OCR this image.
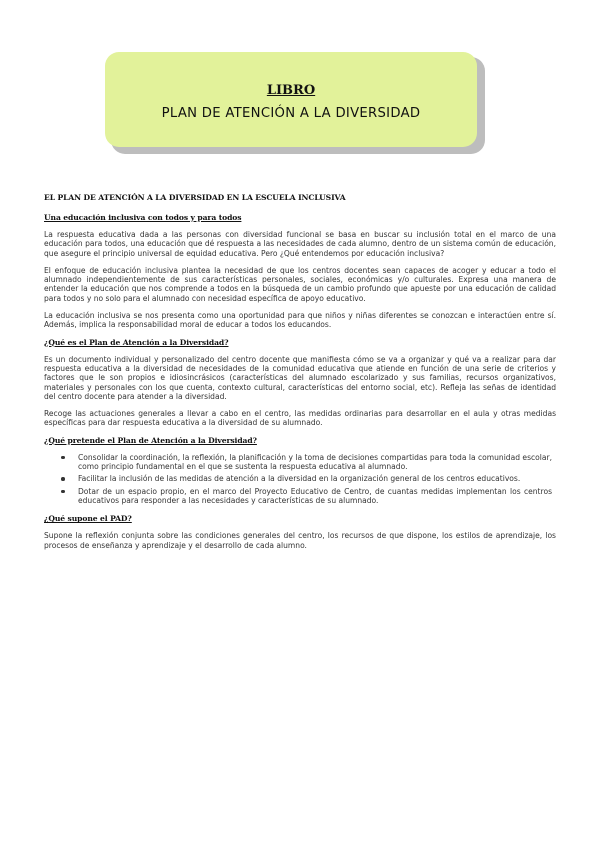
LIBRO
PLAN DE ATENCIÓN A LA DIVERSIDAD
EL PLAN DE ATENCIÓN A LA DIVERSIDAD EN LA ESCUELA INCLUSIVA
Una educación inclusiva con todos y para todos

La respuesta educativa dada a las personas con diversidad funcional se basa en buscar su inclusión total en el marco de una educación para todos, una educación que dé respuesta a las necesidades de cada alumno, dentro de un sistema común de educación, que asegure el principio universal de equidad educativa. Pero ¿Qué entendemos por educación inclusiva?

El enfoque de educación inclusiva plantea la necesidad de que los centros docentes sean capaces de acoger y educar a todo el alumnado independientemente de sus características personales, sociales, económicas y/o culturales. Expresa una manera de entender la educación que nos comprende a todos en la búsqueda de un cambio profundo que apueste por una educación de calidad para todos y no solo para el alumnado con necesidad específica de apoyo educativo.

La educación inclusiva se nos presenta como una oportunidad para que niños y niñas diferentes se conozcan e interactúen entre sí. Además, implica la responsabilidad moral de educar a todos los educandos.

¿Qué es el Plan de Atención a la Diversidad?

Es un documento individual y personalizado del centro docente que manifiesta cómo se va a organizar y qué va a realizar para dar respuesta educativa a la diversidad de necesidades de la comunidad educativa que atiende en función de una serie de criterios y factores que le son propios e idiosincrásicos (características del alumnado escolarizado y sus familias, recursos organizativos, materiales y personales con los que cuenta, contexto cultural, características del entorno social, etc). Refleja las señas de identidad del centro docente para atender a la diversidad.

Recoge las actuaciones generales a llevar a cabo en el centro, las medidas ordinarias para desarrollar en el aula y otras medidas específicas para dar respuesta educativa a la diversidad de su alumnado.

¿Qué pretende el Plan de Atención a la Diversidad?
Consolidar la coordinación, la reflexión, la planificación y la toma de decisiones compartidas para toda la comunidad escolar, como principio fundamental en el que se sustenta la respuesta educativa al alumnado.
Facilitar la inclusión de las medidas de atención a la diversidad en la organización general de los centros educativos.
Dotar de un espacio propio, en el marco del Proyecto Educativo de Centro, de cuantas medidas implementan los centros educativos para responder a las necesidades y características de su alumnado.
¿Qué supone el PAD?

Supone la reflexión conjunta sobre las condiciones generales del centro, los recursos de que dispone, los estilos de aprendizaje, los procesos de enseñanza y aprendizaje y el desarrollo de cada alumno.
